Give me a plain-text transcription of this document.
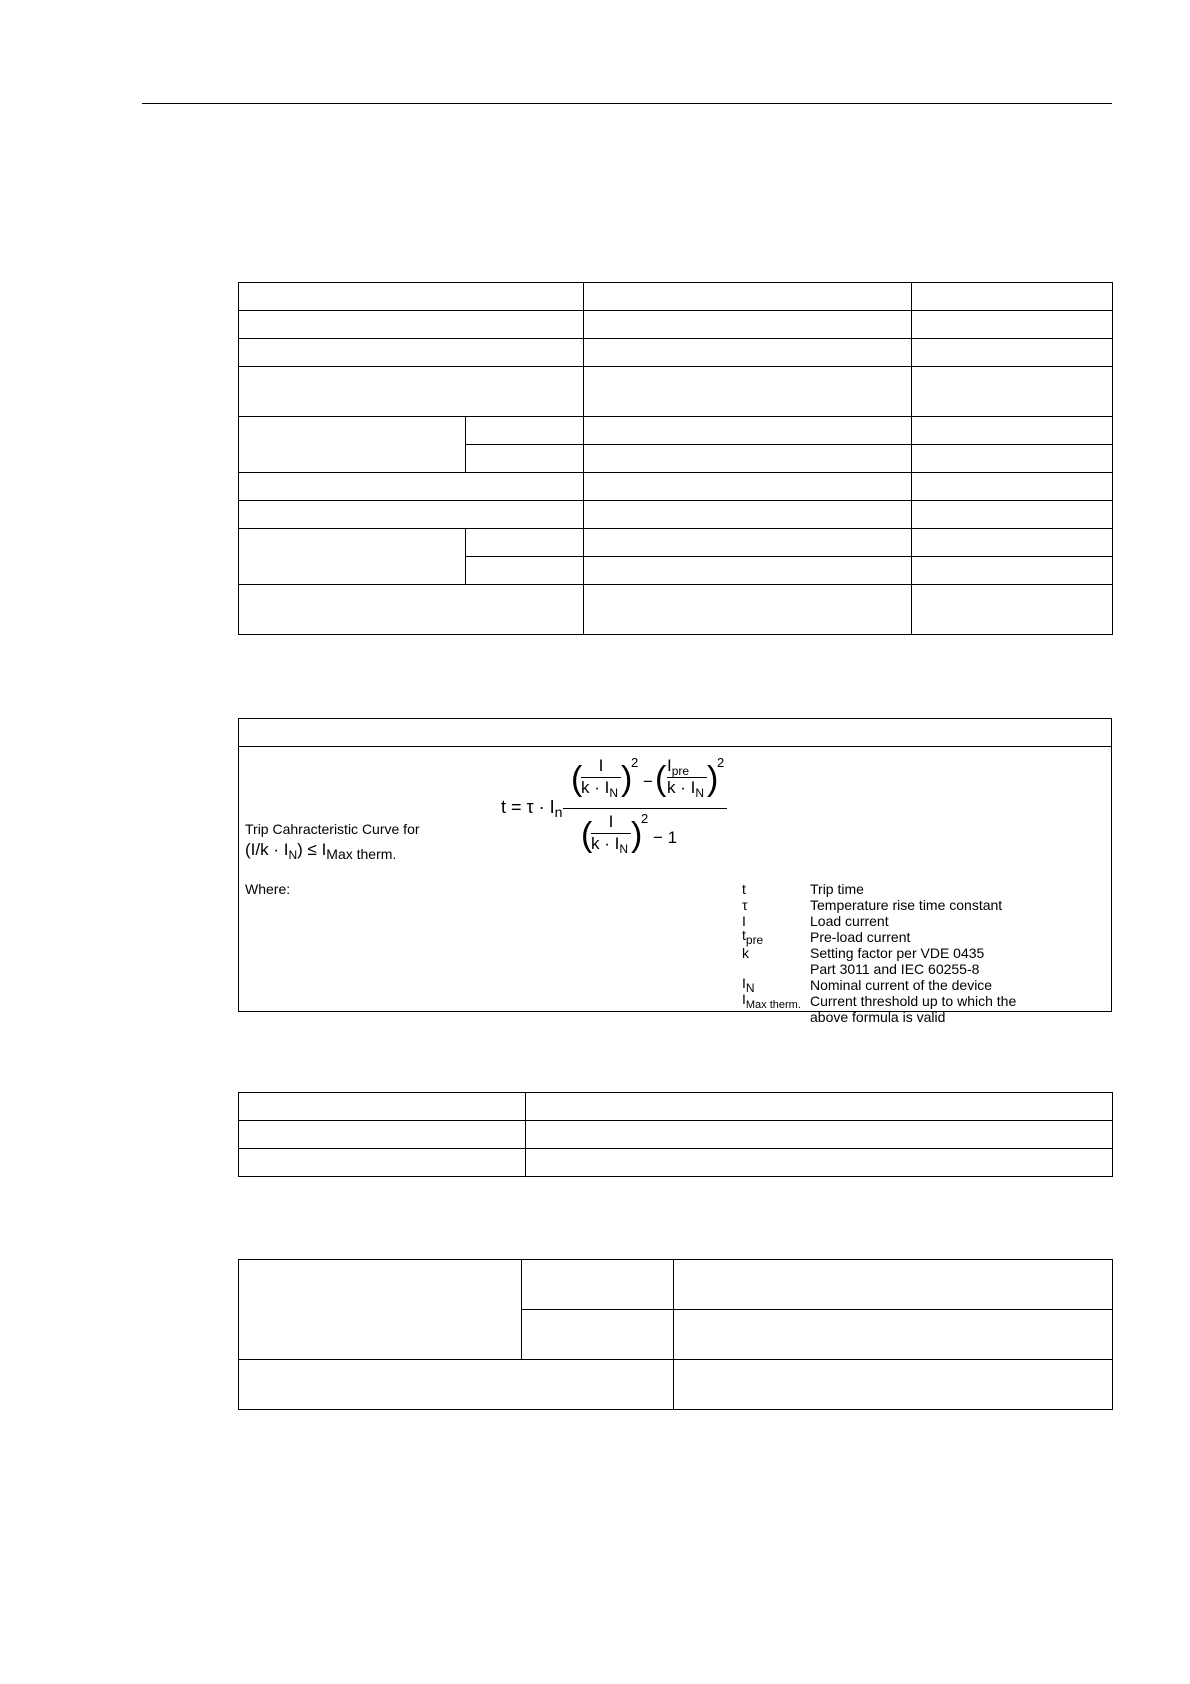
Trip Cahracteristic Curve for
$(I/k \cdot I_N) \le I_{Max therm.}$
Where:
$t = \tau \cdot I_n$
( I
$k \cdot I_N$ )
2
− ( $I_{pre}$
$k \cdot I_N$ )
2
( I
$k \cdot I_N$ )
2
− 1
t	Trip time
τ	Temperature rise time constant
I	Load current
tpre	Pre-load current
k	Setting factor per VDE 0435
Part 3011 and IEC 60255-8
IN	Nominal current of the device
$I_{Max therm.}$ Current threshold up to which the
above formula is valid
